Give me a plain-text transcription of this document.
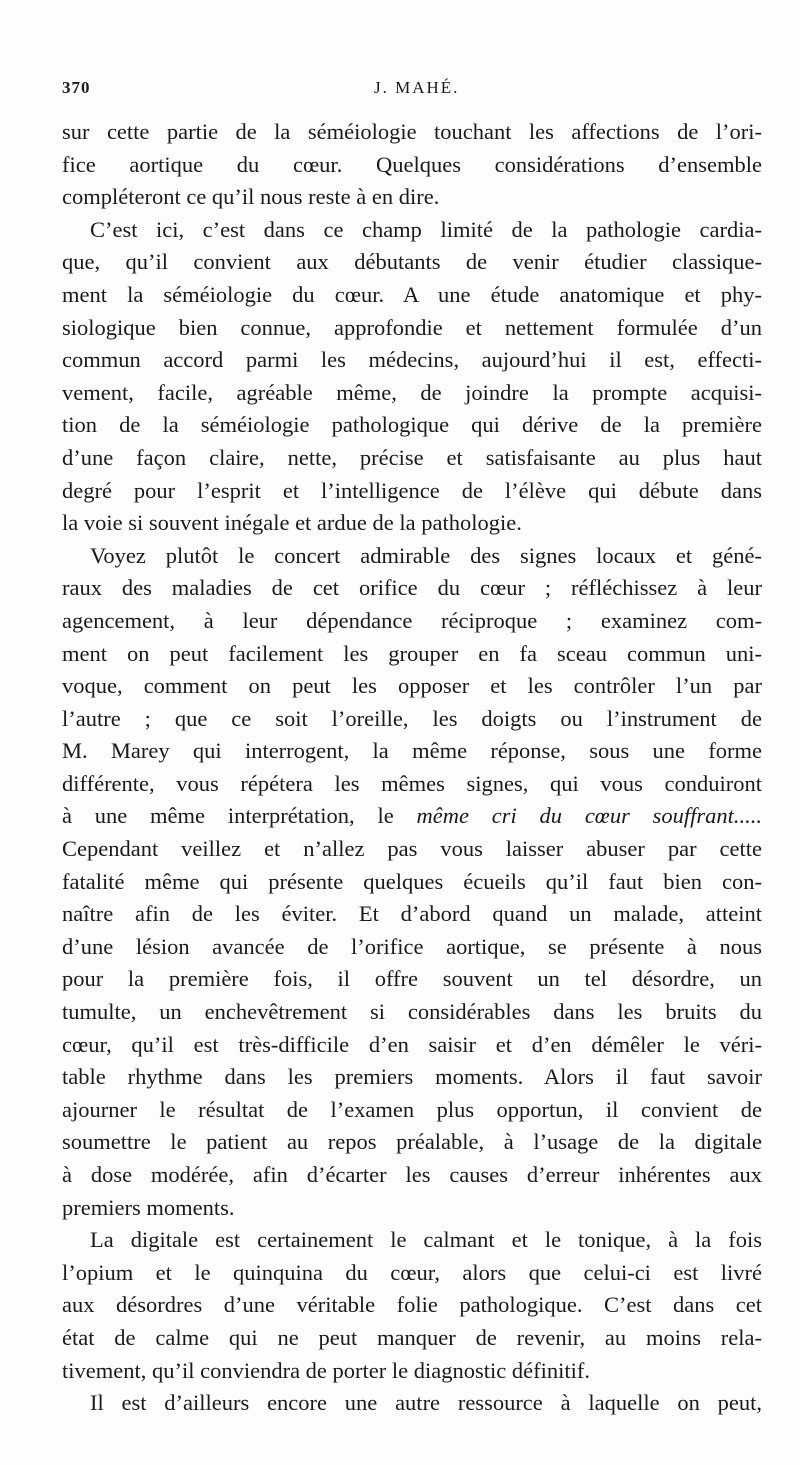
370	J. MAHÉ.
sur cette partie de la séméiologie touchant les affections de l’ori-
fice aortique du cœur. Quelques considérations d’ensemble
compléteront ce qu’il nous reste à en dire.
C’est ici, c’est dans ce champ limité de la pathologie cardia-
que, qu’il convient aux débutants de venir étudier classique-
ment la séméiologie du cœur. A une étude anatomique et phy-
siologique bien connue, approfondie et nettement formulée d’un
commun accord parmi les médecins, aujourd’hui il est, effecti-
vement, facile, agréable même, de joindre la prompte acquisi-
tion de la séméiologie pathologique qui dérive de la première
d’une façon claire, nette, précise et satisfaisante au plus haut
degré pour l’esprit et l’intelligence de l’élève qui débute dans
la voie si souvent inégale et ardue de la pathologie.
Voyez plutôt le concert admirable des signes locaux et géné-
raux des maladies de cet orifice du cœur ; réfléchissez à leur
agencement, à leur dépendance réciproque ; examinez com-
ment on peut facilement les grouper en fa sceau commun uni-
voque, comment on peut les opposer et les contrôler l’un par
l’autre ; que ce soit l’oreille, les doigts ou l’instrument de
M. Marey qui interrogent, la même réponse, sous une forme
différente, vous répétera les mêmes signes, qui vous conduiront
à une même interprétation, le même cri du cœur souffrant.....
Cependant veillez et n’allez pas vous laisser abuser par cette
fatalité même qui présente quelques écueils qu’il faut bien con-
naître afin de les éviter. Et d’abord quand un malade, atteint
d’une lésion avancée de l’orifice aortique, se présente à nous
pour la première fois, il offre souvent un tel désordre, un
tumulte, un enchevêtrement si considérables dans les bruits du
cœur, qu’il est très-difficile d’en saisir et d’en démêler le véri-
table rhythme dans les premiers moments. Alors il faut savoir
ajourner le résultat de l’examen plus opportun, il convient de
soumettre le patient au repos préalable, à l’usage de la digitale
à dose modérée, afin d’écarter les causes d’erreur inhérentes aux
premiers moments.
La digitale est certainement le calmant et le tonique, à la fois
l’opium et le quinquina du cœur, alors que celui-ci est livré
aux désordres d’une véritable folie pathologique. C’est dans cet
état de calme qui ne peut manquer de revenir, au moins rela-
tivement, qu’il conviendra de porter le diagnostic définitif.
Il est d’ailleurs encore une autre ressource à laquelle on peut,
